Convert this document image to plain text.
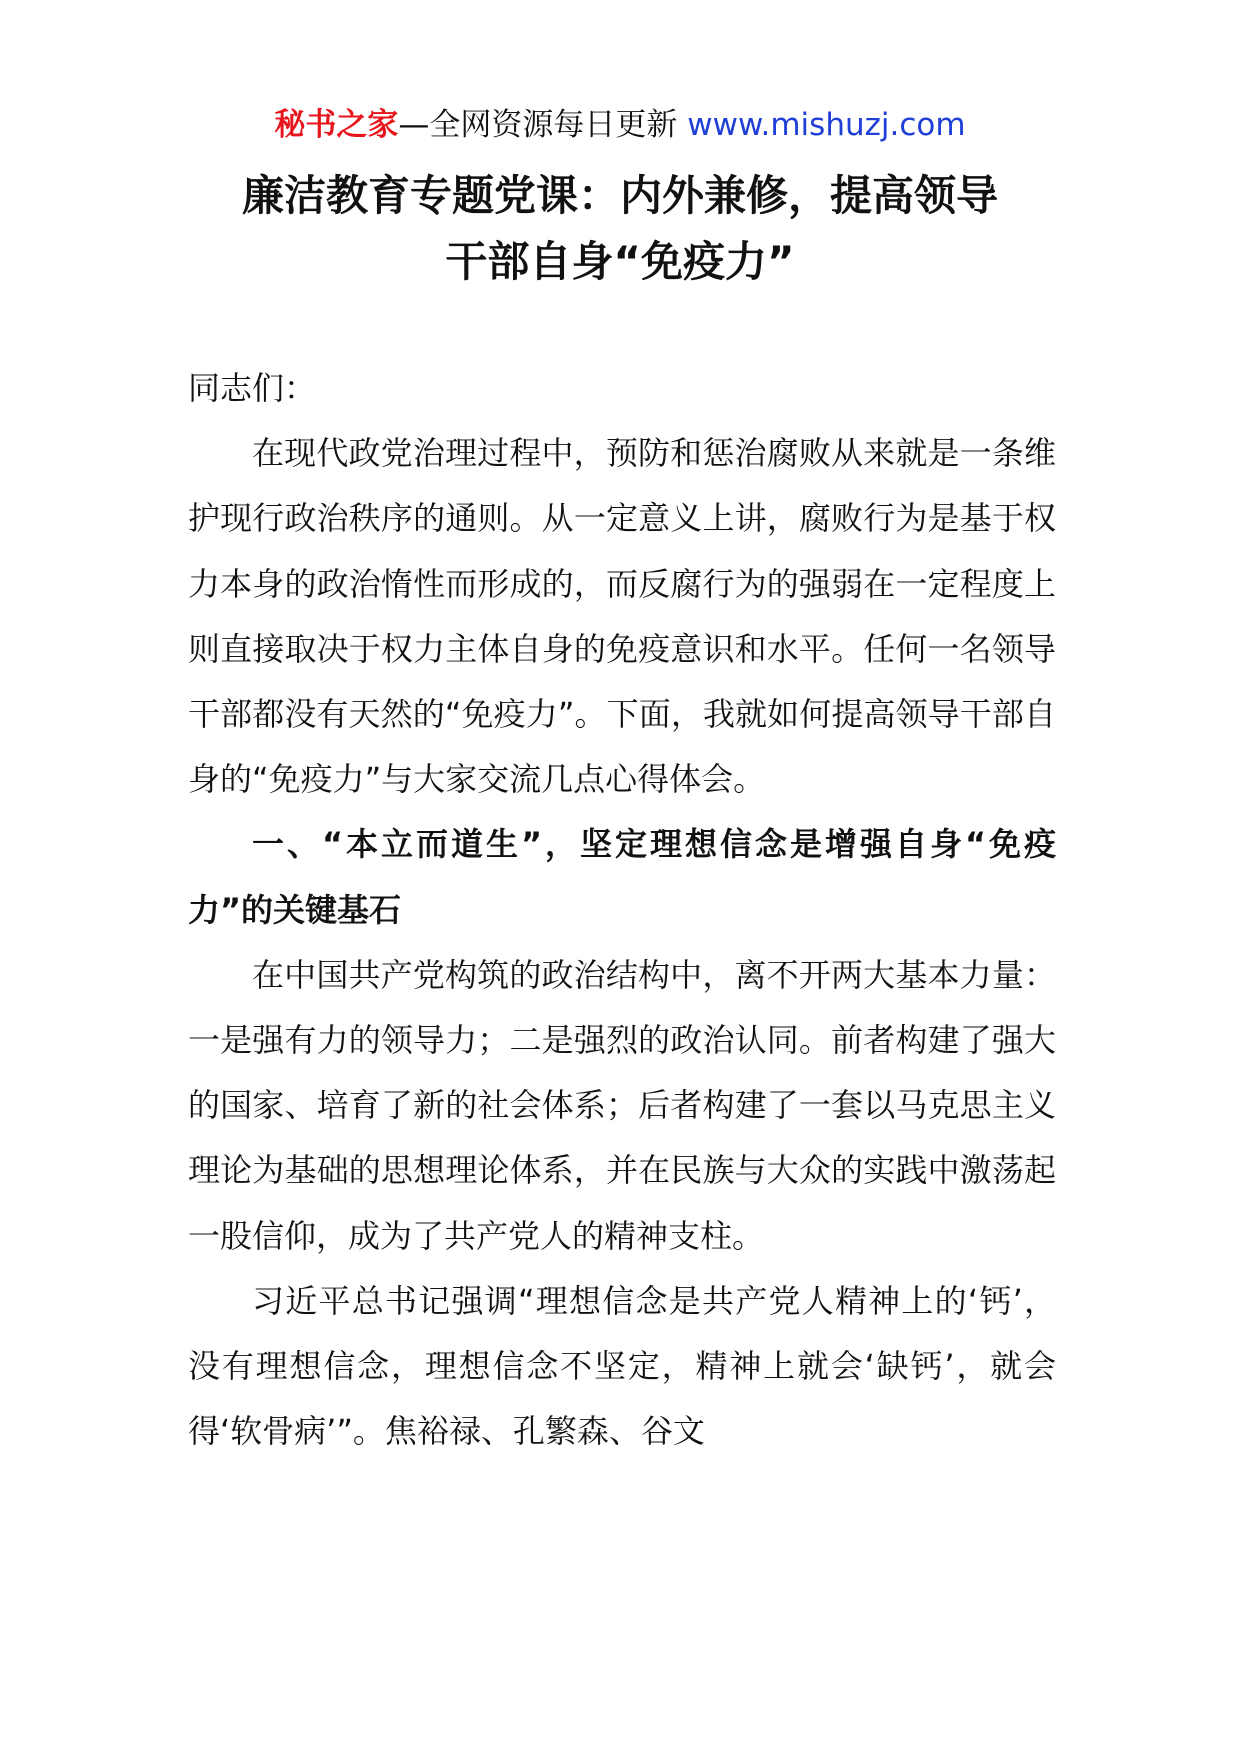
秘书之家—全网资源每日更新 www.mishuzj.com
廉洁教育专题党课：内外兼修，提高领导
干部自身“免疫力”

同志们：

在现代政党治理过程中，预防和惩治腐败从来就是一条维护现行政治秩序的通则。从一定意义上讲，腐败行为是基于权力本身的政治惰性而形成的，而反腐行为的强弱在一定程度上则直接取决于权力主体自身的免疫意识和水平。任何一名领导干部都没有天然的“免疫力”。下面，我就如何提高领导干部自身的“免疫力”与大家交流几点心得体会。

一、“本立而道生”，坚定理想信念是增强自身“免疫力”的关键基石

在中国共产党构筑的政治结构中，离不开两大基本力量：一是强有力的领导力；二是强烈的政治认同。前者构建了强大的国家、培育了新的社会体系；后者构建了一套以马克思主义理论为基础的思想理论体系，并在民族与大众的实践中激荡起一股信仰，成为了共产党人的精神支柱。

习近平总书记强调“理想信念是共产党人精神上的‘钙’，没有理想信念，理想信念不坚定，精神上就会‘缺钙’，就会得‘软骨病’”。焦裕禄、孔繁森、谷文
